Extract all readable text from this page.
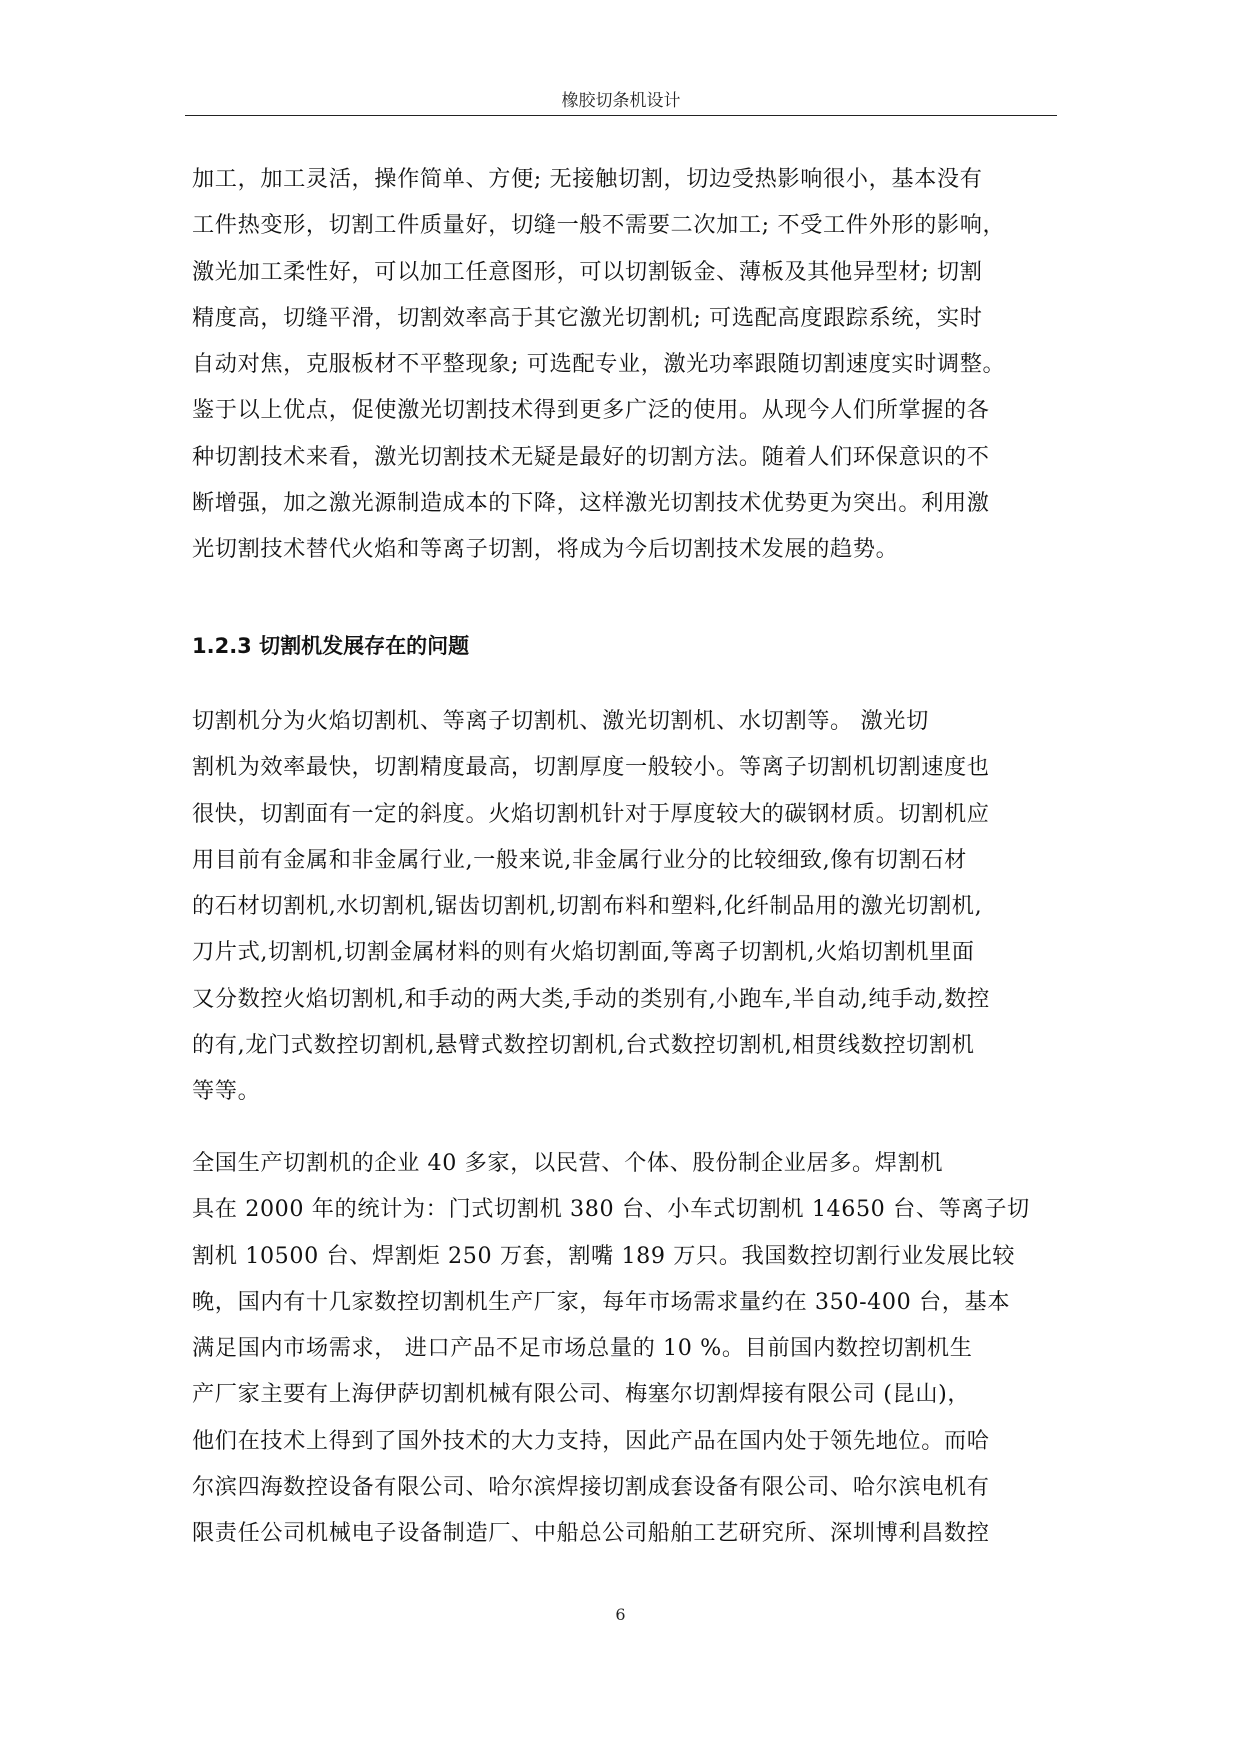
橡胶切条机设计
加工，加工灵活，操作简单、方便; 无接触切割，切边受热影响很小，基本没有
工件热变形，切割工件质量好，切缝一般不需要二次加工; 不受工件外形的影响，
激光加工柔性好，可以加工任意图形，可以切割钣金、薄板及其他异型材; 切割
精度高，切缝平滑，切割效率高于其它激光切割机; 可选配高度跟踪系统，实时
自动对焦，克服板材不平整现象; 可选配专业，激光功率跟随切割速度实时调整。
鉴于以上优点，促使激光切割技术得到更多广泛的使用。从现今人们所掌握的各
种切割技术来看，激光切割技术无疑是最好的切割方法。随着人们环保意识的不
断增强，加之激光源制造成本的下降，这样激光切割技术优势更为突出。利用激
光切割技术替代火焰和等离子切割，将成为今后切割技术发展的趋势。
1.2.3 切割机发展存在的问题
切割机分为火焰切割机、等离子切割机、激光切割机、水切割等。 激光切
割机为效率最快，切割精度最高，切割厚度一般较小。等离子切割机切割速度也
很快，切割面有一定的斜度。火焰切割机针对于厚度较大的碳钢材质。切割机应
用目前有金属和非金属行业,一般来说,非金属行业分的比较细致,像有切割石材
的石材切割机,水切割机,锯齿切割机,切割布料和塑料,化纤制品用的激光切割机,
刀片式,切割机,切割金属材料的则有火焰切割面,等离子切割机,火焰切割机里面
又分数控火焰切割机,和手动的两大类,手动的类别有,小跑车,半自动,纯手动,数控
的有,龙门式数控切割机,悬臂式数控切割机,台式数控切割机,相贯线数控切割机
等等。
全国生产切割机的企业 40 多家，以民营、个体、股份制企业居多。焊割机
具在 2000 年的统计为：门式切割机 380 台、小车式切割机 14650 台、等离子切
割机 10500 台、焊割炬 250 万套，割嘴 189 万只。我国数控切割行业发展比较
晚，国内有十几家数控切割机生产厂家，每年市场需求量约在 350-400 台，基本
满足国内市场需求， 进口产品不足市场总量的 10 %。目前国内数控切割机生
产厂家主要有上海伊萨切割机械有限公司、梅塞尔切割焊接有限公司 (昆山)，
他们在技术上得到了国外技术的大力支持，因此产品在国内处于领先地位。而哈
尔滨四海数控设备有限公司、哈尔滨焊接切割成套设备有限公司、哈尔滨电机有
限责任公司机械电子设备制造厂、中船总公司船舶工艺研究所、深圳博利昌数控
6
